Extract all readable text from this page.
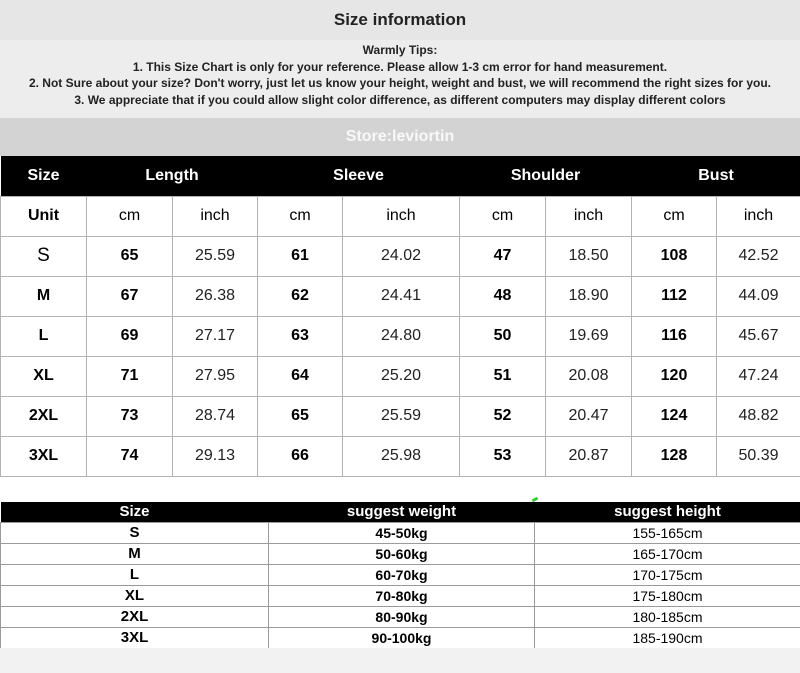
Size information
Warmly Tips:
1. This Size Chart is only for your reference. Please allow 1-3 cm error for hand measurement.
2. Not Sure about your size? Don't worry, just let us know your height, weight and bust, we will recommend the right sizes for you.
3. We appreciate that if you could allow slight color difference, as different computers may display different colors
Store:leviortin
Size	Length		Sleeve		Shoulder		Bust	
Unit	cm	inch	cm	inch	cm	inch	cm	inch
S	65	25.59	61	24.02	47	18.50	108	42.52
M	67	26.38	62	24.41	48	18.90	112	44.09
L	69	27.17	63	24.80	50	19.69	116	45.67
XL	71	27.95	64	25.20	51	20.08	120	47.24
2XL	73	28.74	65	25.59	52	20.47	124	48.82
3XL	74	29.13	66	25.98	53	20.87	128	50.39
Size	suggest weight	suggest height
S	45-50kg	155-165cm
M	50-60kg	165-170cm
L	60-70kg	170-175cm
XL	70-80kg	175-180cm
2XL	80-90kg	180-185cm
3XL	90-100kg	185-190cm
